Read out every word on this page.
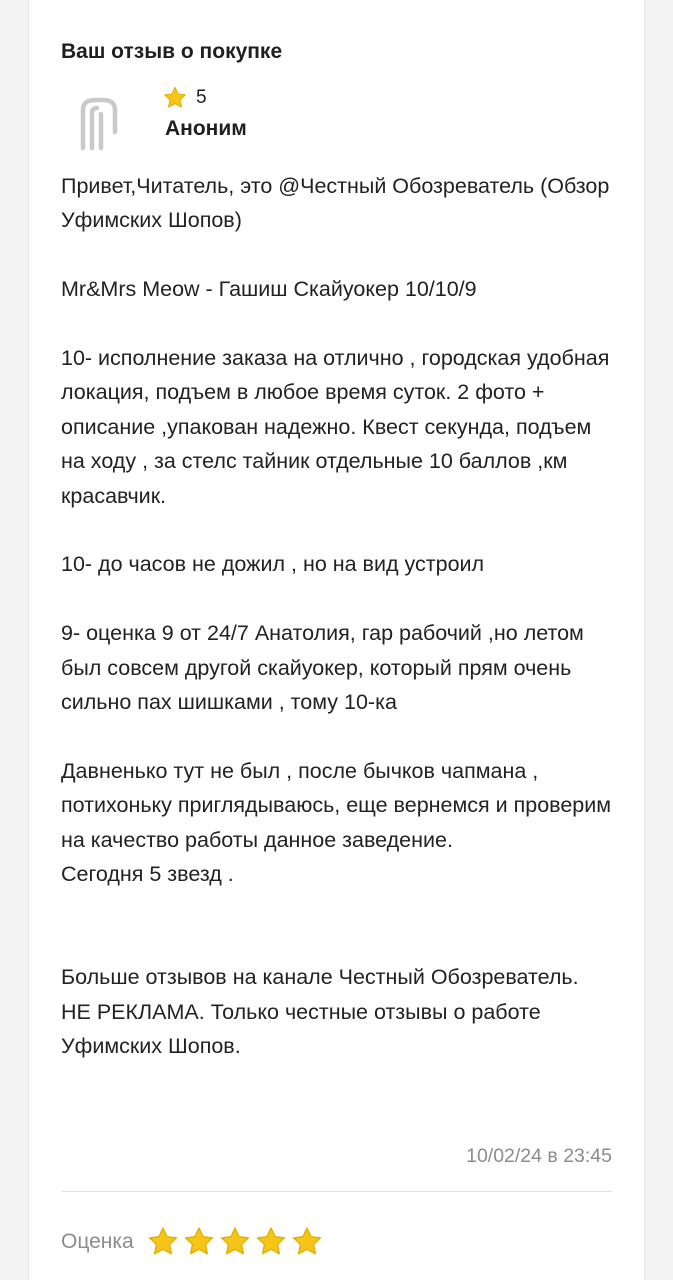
Ваш отзыв о покупке
5
Аноним

Привет,Читатель, это @Честный Обозреватель (Обзор Уфимских Шопов)

Mr&Mrs Meow - Гашиш Скайуокер 10/10/9

10- исполнение заказа на отлично , городская удобная локация, подъем в любое время суток. 2 фото + описание ,упакован надежно. Квест секунда, подъем на ходу , за стелс тайник отдельные 10 баллов ,км красавчик.

10- до часов не дожил , но на вид устроил

9- оценка 9 от 24/7 Анатолия, гар рабочий ,но летом был совсем другой скайуокер, который прям очень сильно пах шишками , тому 10-ка

Давненько тут не был , после бычков чапмана , потихоньку приглядываюсь, еще вернемся и проверим на качество работы данное заведение.
Сегодня 5 звезд .

Больше отзывов на канале Честный Обозреватель.
НЕ РЕКЛАМА. Только честные отзывы о работе Уфимских Шопов.

10/02/24 в 23:45
Оценка
